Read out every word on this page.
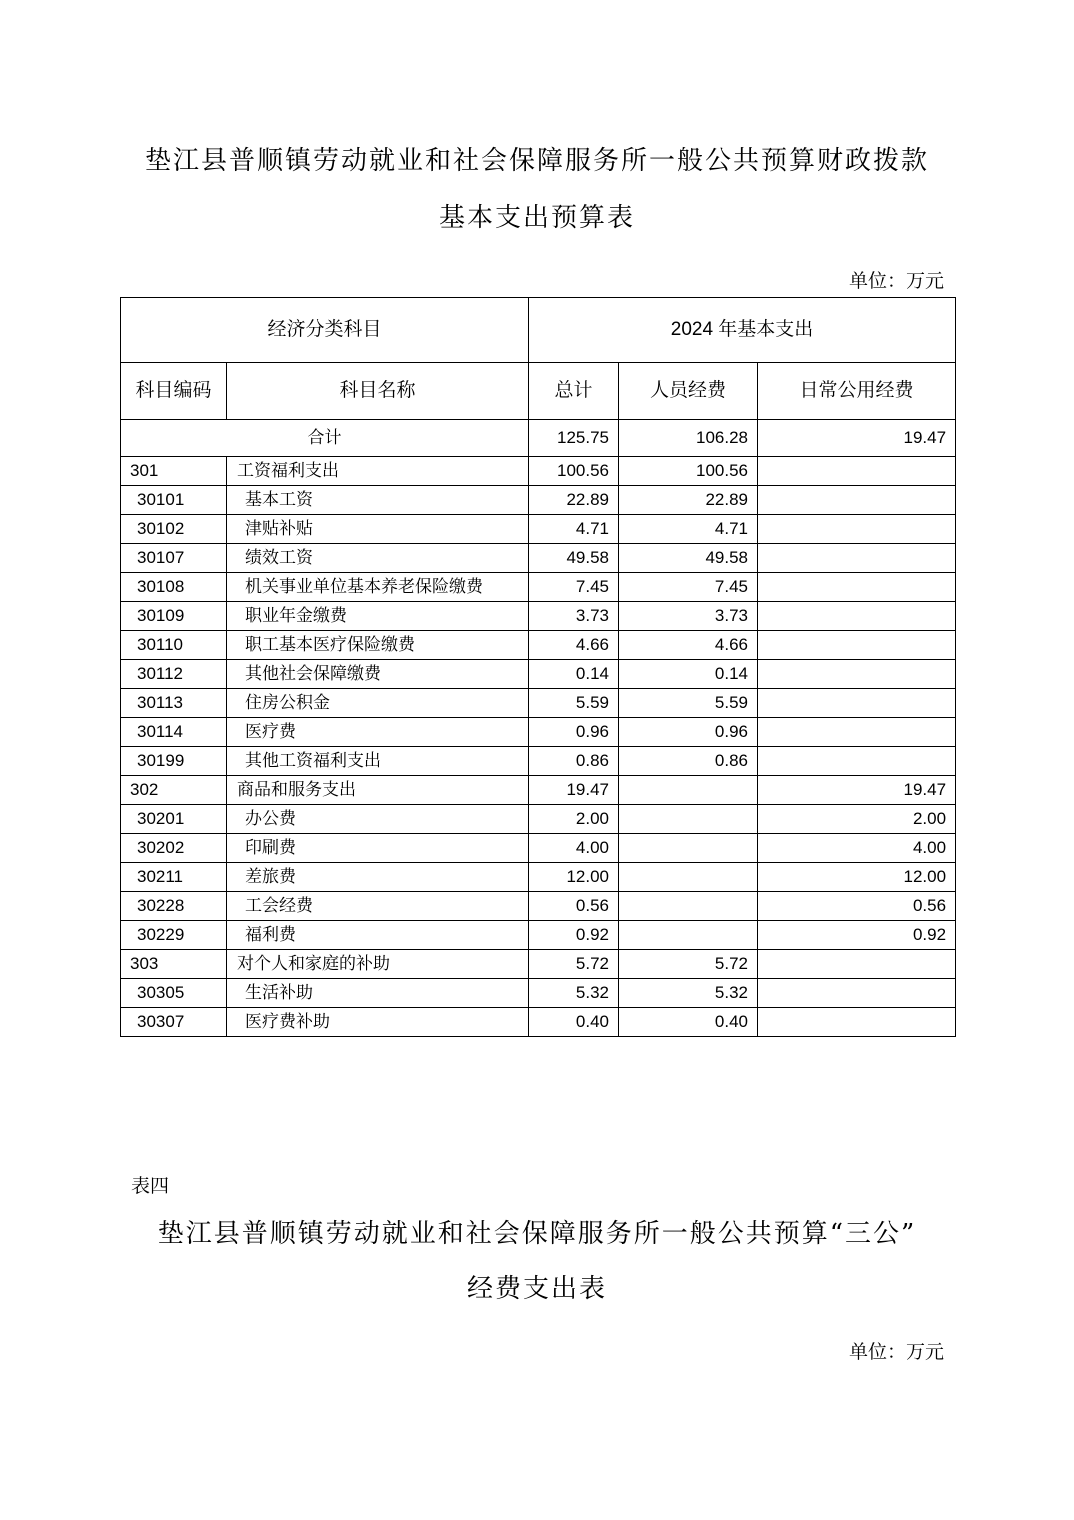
垫江县普顺镇劳动就业和社会保障服务所一般公共预算财政拨款
基本支出预算表
单位：万元
经济分类科目		2024 年基本支出		
科目编码	科目名称	总计	人员经费	日常公用经费
合计		125.75	106.28	19.47
301	工资福利支出	100.56	100.56	
30101	基本工资	22.89	22.89	
30102	津贴补贴	4.71	4.71	
30107	绩效工资	49.58	49.58	
30108	机关事业单位基本养老保险缴费	7.45	7.45	
30109	职业年金缴费	3.73	3.73	
30110	职工基本医疗保险缴费	4.66	4.66	
30112	其他社会保障缴费	0.14	0.14	
30113	住房公积金	5.59	5.59	
30114	医疗费	0.96	0.96	
30199	其他工资福利支出	0.86	0.86	
302	商品和服务支出	19.47		19.47
30201	办公费	2.00		2.00
30202	印刷费	4.00		4.00
30211	差旅费	12.00		12.00
30228	工会经费	0.56		0.56
30229	福利费	0.92		0.92
303	对个人和家庭的补助	5.72	5.72	
30305	生活补助	5.32	5.32	
30307	医疗费补助	0.40	0.40	
表四
垫江县普顺镇劳动就业和社会保障服务所一般公共预算“三公”
经费支出表
单位：万元
